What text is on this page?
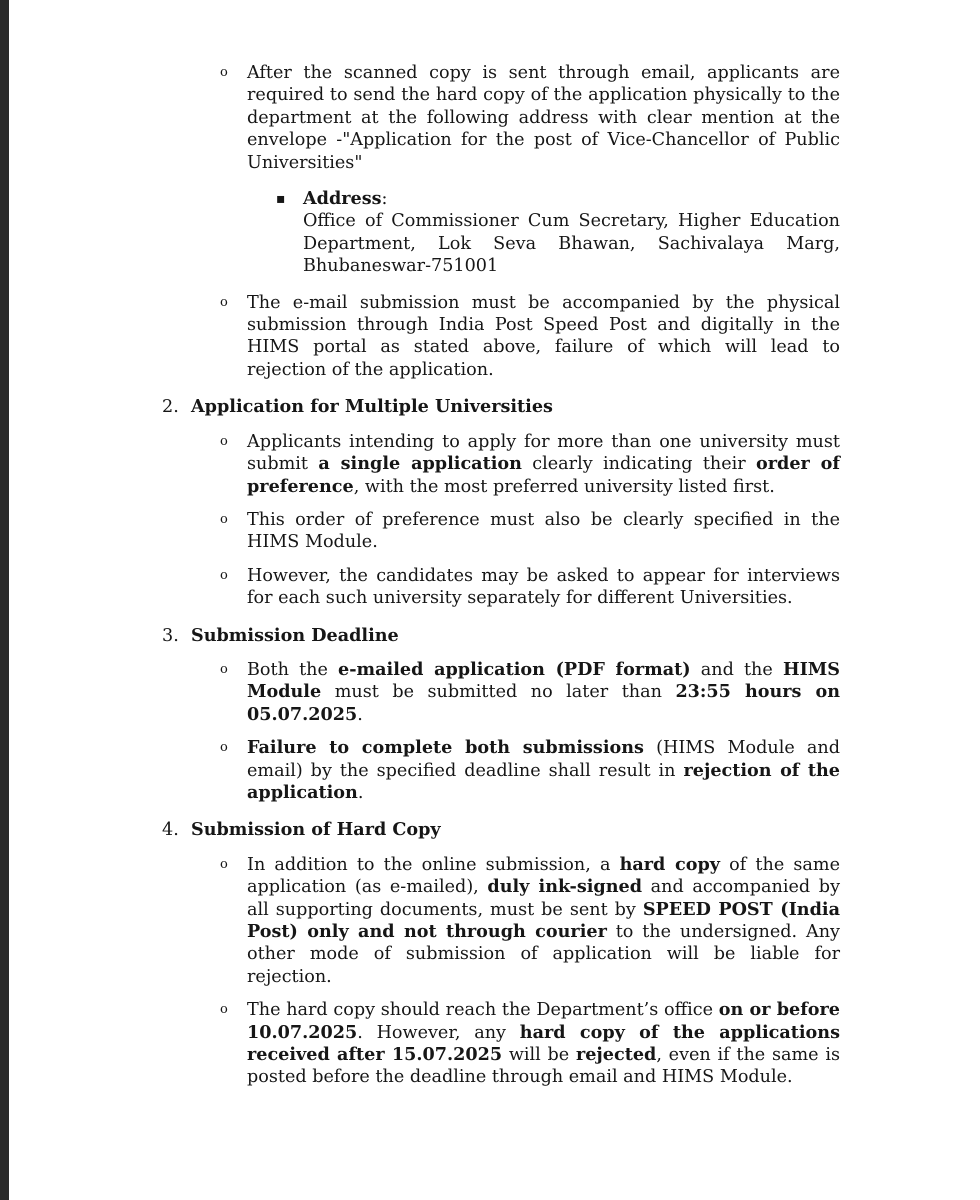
o After the scanned copy is sent through email, applicants are required to send the hard copy of the application physically to the department at the following address with clear mention at the envelope -"Application for the post of Vice-Chancellor of Public Universities"
▪ Address:
Office of Commissioner Cum Secretary, Higher Education Department, Lok Seva Bhawan, Sachivalaya Marg, Bhubaneswar-751001
o The e-mail submission must be accompanied by the physical submission through India Post Speed Post and digitally in the HIMS portal as stated above, failure of which will lead to rejection of the application.
2. Application for Multiple Universities
o Applicants intending to apply for more than one university must submit a single application clearly indicating their order of preference, with the most preferred university listed first.
o This order of preference must also be clearly specified in the HIMS Module.
o However, the candidates may be asked to appear for interviews for each such university separately for different Universities.
3. Submission Deadline
o Both the e-mailed application (PDF format) and the HIMS Module must be submitted no later than 23:55 hours on 05.07.2025.
o Failure to complete both submissions (HIMS Module and email) by the specified deadline shall result in rejection of the application.
4. Submission of Hard Copy
o In addition to the online submission, a hard copy of the same application (as e-mailed), duly ink-signed and accompanied by all supporting documents, must be sent by SPEED POST (India Post) only and not through courier to the undersigned. Any other mode of submission of application will be liable for rejection.
o The hard copy should reach the Department’s office on or before 10.07.2025. However, any hard copy of the applications received after 15.07.2025 will be rejected, even if the same is posted before the deadline through email and HIMS Module.
